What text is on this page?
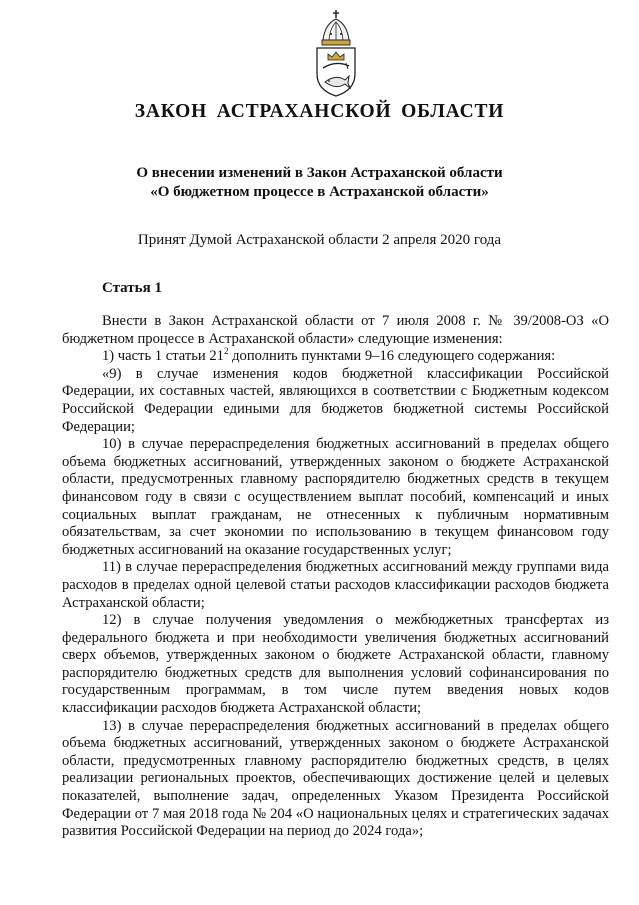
ЗАКОН АСТРАХАНСКОЙ ОБЛАСТИ
О внесении изменений в Закон Астраханской области
«О бюджетном процессе в Астраханской области»

Принят Думой Астраханской области 2 апреля 2020 года

Статья 1

Внести в Закон Астраханской области от 7 июля 2008 г. № 39/2008-ОЗ «О бюджетном процессе в Астраханской области» следующие изменения:

1) часть 1 статьи $21^2$ дополнить пунктами 9–16 следующего содержания:

«9) в случае изменения кодов бюджетной классификации Российской Федерации, их составных частей, являющихся в соответствии с Бюджетным кодексом Российской Федерации едиными для бюджетов бюджетной системы Российской Федерации;

10) в случае перераспределения бюджетных ассигнований в пределах общего объема бюджетных ассигнований, утвержденных законом о бюджете Астраханской области, предусмотренных главному распорядителю бюджетных средств в текущем финансовом году в связи с осуществлением выплат пособий, компенсаций и иных социальных выплат гражданам, не отнесенных к публичным нормативным обязательствам, за счет экономии по использованию в текущем финансовом году бюджетных ассигнований на оказание государственных услуг;

11) в случае перераспределения бюджетных ассигнований между группами вида расходов в пределах одной целевой статьи расходов классификации расходов бюджета Астраханской области;

12) в случае получения уведомления о межбюджетных трансфертах из федерального бюджета и при необходимости увеличения бюджетных ассигнований сверх объемов, утвержденных законом о бюджете Астраханской области, главному распорядителю бюджетных средств для выполнения условий софинансирования по государственным программам, в том числе путем введения новых кодов классификации расходов бюджета Астраханской области;

13) в случае перераспределения бюджетных ассигнований в пределах общего объема бюджетных ассигнований, утвержденных законом о бюджете Астраханской области, предусмотренных главному распорядителю бюджетных средств, в целях реализации региональных проектов, обеспечивающих достижение целей и целевых показателей, выполнение задач, определенных Указом Президента Российской Федерации от 7 мая 2018 года № 204 «О национальных целях и стратегических задачах развития Российской Федерации на период до 2024 года»;
